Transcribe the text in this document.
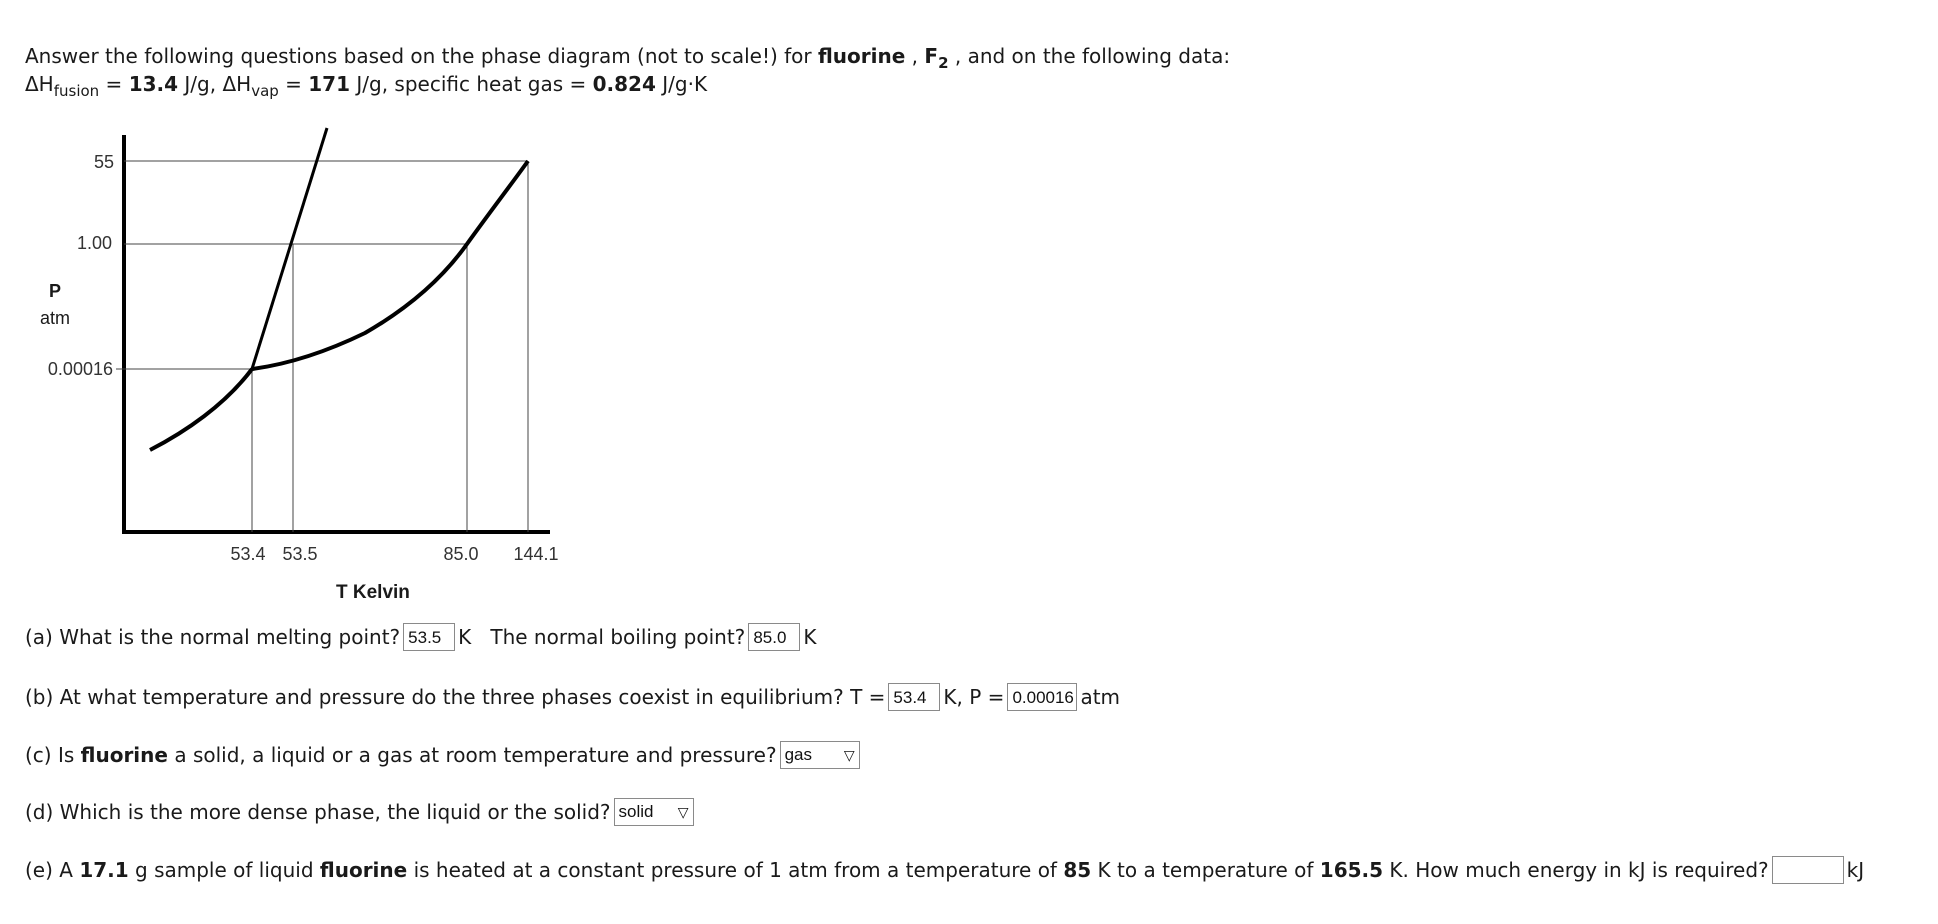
Answer the following questions based on the phase diagram (not to scale!) for fluorine , $F_2$ , and on the following data:
$\Delta H_{fusion} = 13.4$ J/g, $\Delta H_{vap} = 171$ J/g, specific heat gas = 0.824 J/g·K
55
1.00
0.00016
53.4 53.5	85.0 144.1
P
atm
T Kelvin
(a) What is the normal melting point? 53.5 K   The normal boiling point? 85.0 K
(b) At what temperature and pressure do the three phases coexist in equilibrium? T = 53.4 K, P = 0.00016 atm
(c) Is fluorine a solid, a liquid or a gas at room temperature and pressure? gas ▽
(d) Which is the more dense phase, the liquid or the solid? solid ▽
(e) A 17.1 g sample of liquid fluorine is heated at a constant pressure of 1 atm from a temperature of 85 K to a temperature of 165.5 K. How much energy in kJ is required?	kJ
